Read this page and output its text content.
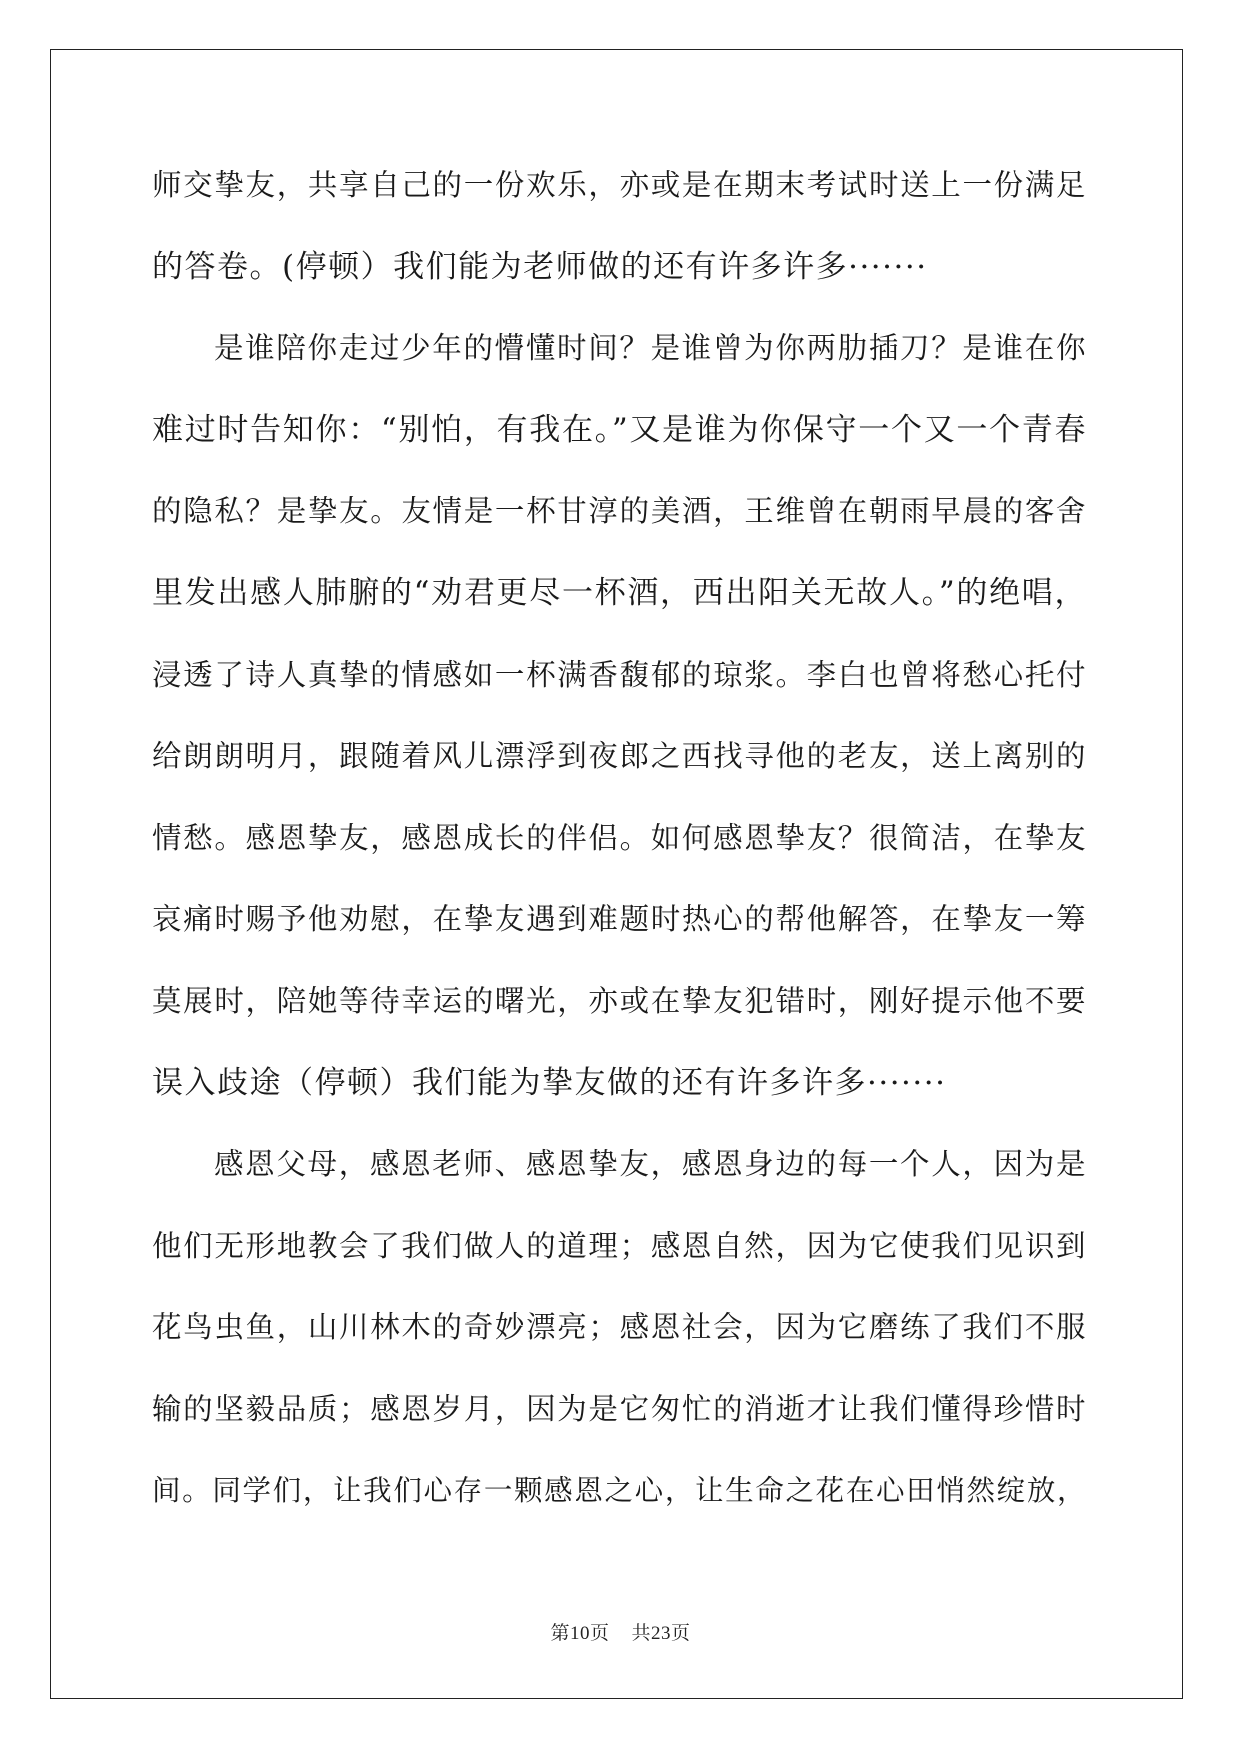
师交挚友，共享自己的一份欢乐，亦或是在期末考试时送上一份满足
的答卷。(停顿）我们能为老师做的还有许多许多·······
是谁陪你走过少年的懵懂时间？是谁曾为你两肋插刀？是谁在你
难过时告知你：“别怕，有我在。”又是谁为你保守一个又一个青春
的隐私？是挚友。友情是一杯甘淳的美酒，王维曾在朝雨早晨的客舍
里发出感人肺腑的“劝君更尽一杯酒，西出阳关无故人。”的绝唱，
浸透了诗人真挚的情感如一杯满香馥郁的琼浆。李白也曾将愁心托付
给朗朗明月，跟随着风儿漂浮到夜郎之西找寻他的老友，送上离别的
情愁。感恩挚友，感恩成长的伴侣。如何感恩挚友？很简洁，在挚友
哀痛时赐予他劝慰，在挚友遇到难题时热心的帮他解答，在挚友一筹
莫展时，陪她等待幸运的曙光，亦或在挚友犯错时，刚好提示他不要
误入歧途（停顿）我们能为挚友做的还有许多许多·······
感恩父母，感恩老师、感恩挚友，感恩身边的每一个人，因为是
他们无形地教会了我们做人的道理；感恩自然，因为它使我们见识到
花鸟虫鱼，山川林木的奇妙漂亮；感恩社会，因为它磨练了我们不服
输的坚毅品质；感恩岁月，因为是它匆忙的消逝才让我们懂得珍惜时
间。同学们，让我们心存一颗感恩之心，让生命之花在心田悄然绽放，
第10页 共23页
